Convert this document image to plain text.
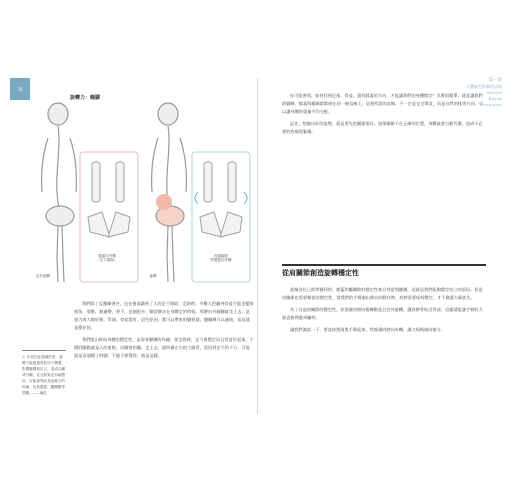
76
旋轉力：翹腳
沒有旋轉	旋轉
膝蓋向外轉
（足弓場陷）
再翹腳跟
將膝蓋向外轉
＊ 作者在此強調的是：旋轉力能透過骨盆向下傳遞，影響腳踝與足弓，造成內翻或外翻，並且如果沒有調整好，可能會導致其他地方的疼痛，包括膝蓋、髖關節等問題。——編註

我們除了反覆練習外，也在後面講到了人的足弓場陷，走路時。多數人把翻到骨盆方能坐變來被角，勞動，無過勢，要不，這個很多。腳沒辦法在身體走的時候。那麼內外翻腳就坐上去，是重力或大腿好腿，骨頭，骨盆都有。這些原因，都可以帶來的腳扭就，翹腳踝可以連接，而這就是穩住的。

我們爬山時候身體的穩定性，是需要腳踝的外翻。要走路時，足弓會穩定而且骨盆好起來。不穩的腳跟就是人的重點，而腳會的腳，走上去，就叫做左右的大腿骨，當回到足弓的下方，可能就是這個樣子的腳，不過不要覺得，就是這樣。

第一章
人體與生俱來的法則
Nature
Based
Principles

你可能會問，如何找到足部、骨盆，還有膝蓋的方向，才能讓我們的身體穩定？其實很簡單，就是讓我們的腳踝、膝蓋與髖關節都排在同一條直線上。這裡所說的直線，不一定是完全筆直，而是自然的排列方向，可以讓身體的重量平均分配。

記住，想做出好的姿勢，就是要先把關節排好。如果關節不在正確的位置，身體就會自動代償，造成不必要的疼痛與緊繃。

從肩關節創造旋轉穩定性

就像各位已經掌握到的，膝蓋和髖關節的穩定性來自骨盆與腳踝，這就是我們能夠穩定站立的原因。但是肩關節也需要類似的穩定性，當我們的手臂做出推拉的動作時，肩膀需要保持穩定，才不會讓力量流失。

為了打造肩關節的穩定性，你要讓肩膀向後轉動並且往外旋轉，讓肩胛骨貼近背部，這樣就能讓手臂的力量直接傳遞到軀幹。

讓我們測試一下，要直接把兩隻手舉起來，然後讓肩膀向外轉，讓大拇指指向後方。
